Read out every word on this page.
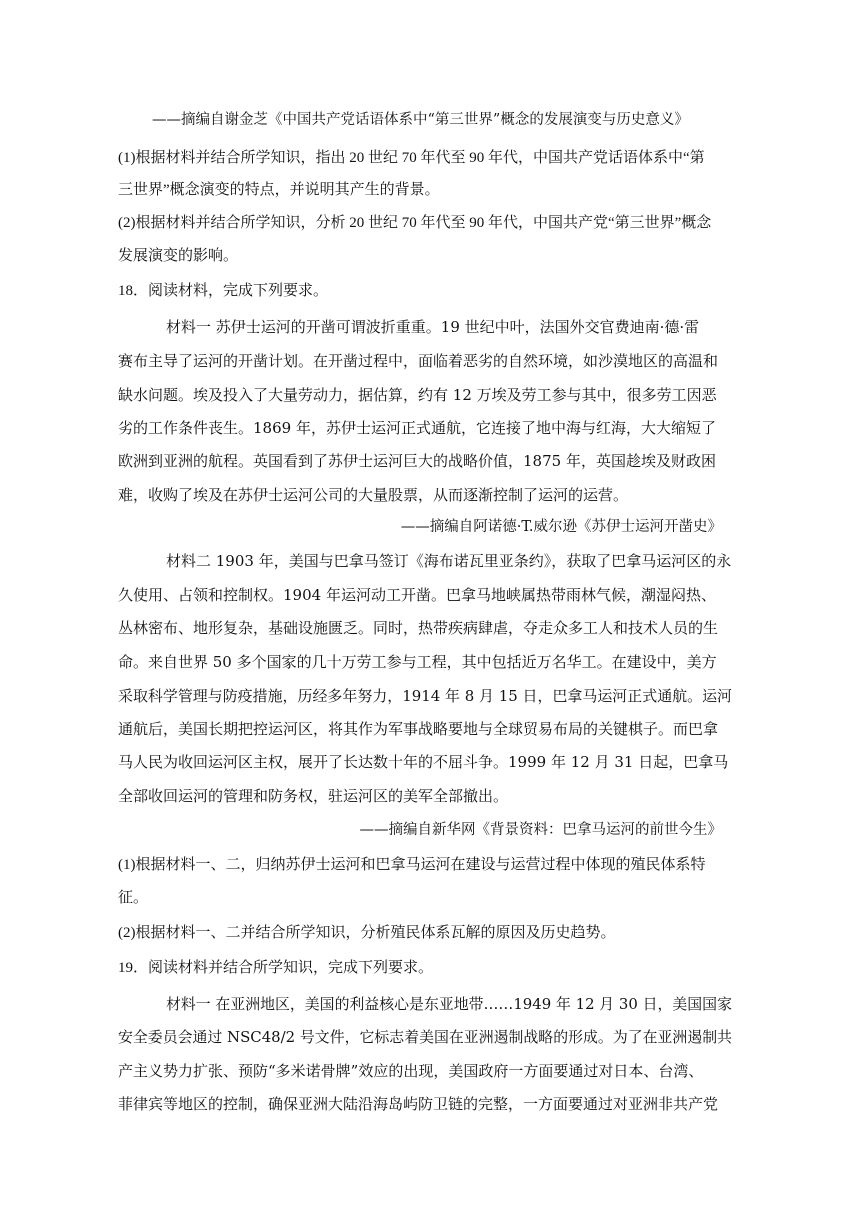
——摘编自谢金芝《中国共产党话语体系中“第三世界”概念的发展演变与历史意义》
(1)根据材料并结合所学知识，指出 20 世纪 70 年代至 90 年代，中国共产党话语体系中“第
三世界”概念演变的特点，并说明其产生的背景。
(2)根据材料并结合所学知识，分析 20 世纪 70 年代至 90 年代，中国共产党“第三世界”概念
发展演变的影响。
18．阅读材料，完成下列要求。
材料一 苏伊士运河的开凿可谓波折重重。19 世纪中叶，法国外交官费迪南·德·雷
赛布主导了运河的开凿计划。在开凿过程中，面临着恶劣的自然环境，如沙漠地区的高温和
缺水问题。埃及投入了大量劳动力，据估算，约有 12 万埃及劳工参与其中，很多劳工因恶
劣的工作条件丧生。1869 年，苏伊士运河正式通航，它连接了地中海与红海，大大缩短了
欧洲到亚洲的航程。英国看到了苏伊士运河巨大的战略价值，1875 年，英国趁埃及财政困
难，收购了埃及在苏伊士运河公司的大量股票，从而逐渐控制了运河的运营。
——摘编自阿诺德·T.威尔逊《苏伊士运河开凿史》
材料二 1903 年，美国与巴拿马签订《海布诺瓦里亚条约》，获取了巴拿马运河区的永
久使用、占领和控制权。1904 年运河动工开凿。巴拿马地峡属热带雨林气候，潮湿闷热、
丛林密布、地形复杂，基础设施匮乏。同时，热带疾病肆虐，夺走众多工人和技术人员的生
命。来自世界 50 多个国家的几十万劳工参与工程，其中包括近万名华工。在建设中，美方
采取科学管理与防疫措施，历经多年努力，1914 年 8 月 15 日，巴拿马运河正式通航。运河
通航后，美国长期把控运河区，将其作为军事战略要地与全球贸易布局的关键棋子。而巴拿
马人民为收回运河区主权，展开了长达数十年的不屈斗争。1999 年 12 月 31 日起，巴拿马
全部收回运河的管理和防务权，驻运河区的美军全部撤出。
——摘编自新华网《背景资料：巴拿马运河的前世今生》
(1)根据材料一、二，归纳苏伊士运河和巴拿马运河在建设与运营过程中体现的殖民体系特
征。
(2)根据材料一、二并结合所学知识，分析殖民体系瓦解的原因及历史趋势。
19．阅读材料并结合所学知识，完成下列要求。
材料一 在亚洲地区，美国的利益核心是东亚地带……1949 年 12 月 30 日，美国国家
安全委员会通过 NSC48/2 号文件，它标志着美国在亚洲遏制战略的形成。为了在亚洲遏制共
产主义势力扩张、预防“多米诺骨牌”效应的出现，美国政府一方面要通过对日本、台湾、
菲律宾等地区的控制，确保亚洲大陆沿海岛屿防卫链的完整，一方面要通过对亚洲非共产党
